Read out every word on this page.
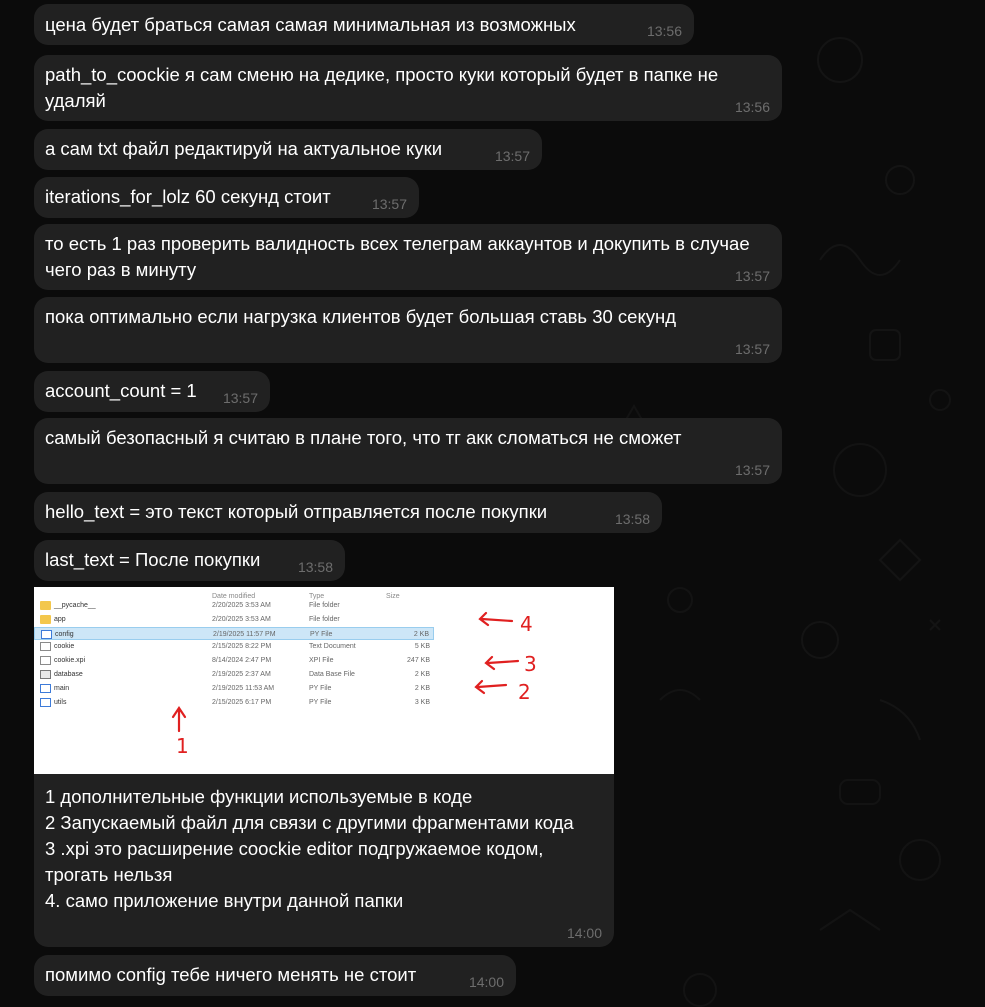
цена будет браться самая самая минимальная из возможных	13:56
path_to_coockie я сам сменю на дедике, просто куки который будет в папке не удаляй	13:56
а сам txt файл редактируй на актуальное куки	13:57
iterations_for_lolz 60 секунд стоит	13:57
то есть 1 раз проверить валидность всех телеграм аккаунтов и докупить в случае чего раз в минуту	13:57
пока оптимально если нагрузка клиентов будет большая ставь 30 секунд
13:57
account_count = 1	13:57
самый безопасный я считаю в плане того, что тг акк сломаться не сможет
13:57
hello_text = это текст который отправляется после покупки	13:58
last_text = После покупки	13:58
Date modified	Type	Size
__pycache__	2/20/2025 3:53 AM	File folder
app	2/20/2025 3:53 AM	File folder
config	2/19/2025 11:57 PM	PY File	2 KB
cookie	2/15/2025 8:22 PM	Text Document	5 KB
cookie.xpi	8/14/2024 2:47 PM	XPI File	247 KB
database	2/19/2025 2:37 AM	Data Base File	2 KB
main	2/19/2025 11:53 AM	PY File	2 KB
utils	2/15/2025 6:17 PM	PY File	3 KB
4
3
2
1
1 дополнительные функции используемые в коде
2 Запускаемый файл для связи с другими фрагментами кода
3 .xpi это расширение coockie editor подгружаемое кодом, трогать нельзя
4. само приложение внутри данной папки
14:00
помимо config тебе ничего менять не стоит	14:00
